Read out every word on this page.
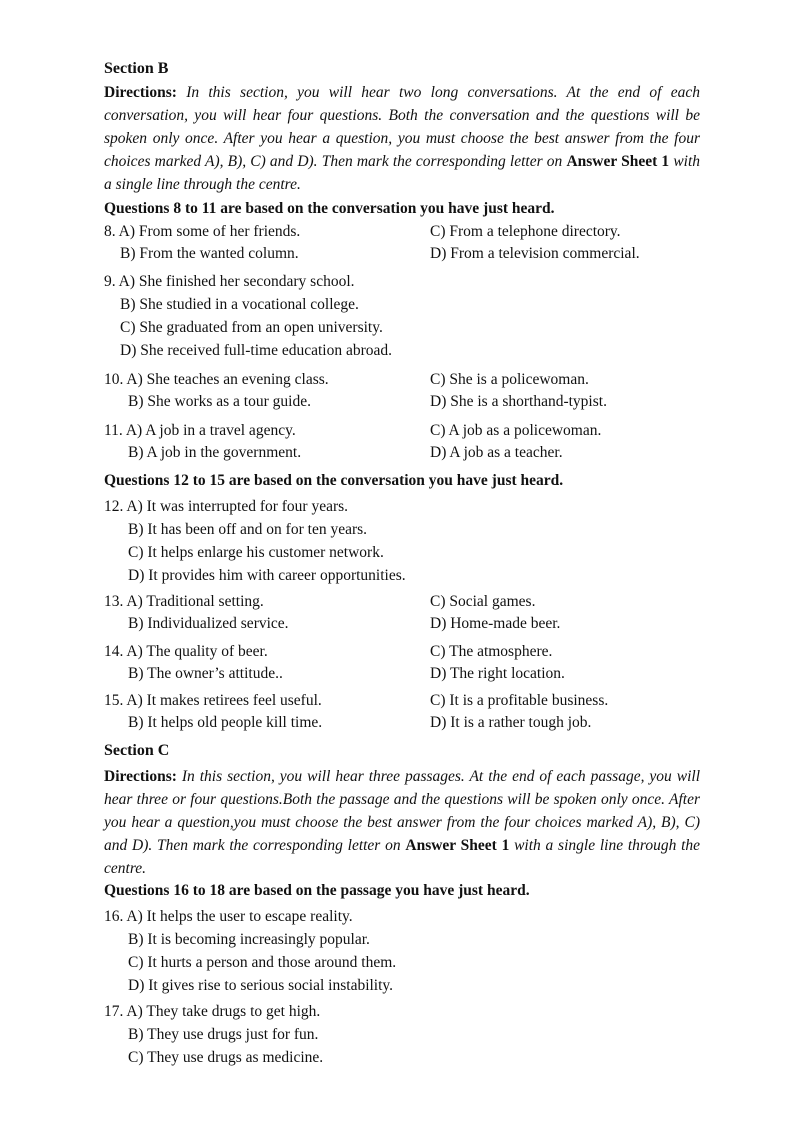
Section B
Directions: In this section, you will hear two long conversations. At the end of each conversation, you will hear four questions. Both the conversation and the questions will be spoken only once. After you hear a question, you must choose the best answer from the four choices marked A), B), C) and D). Then mark the corresponding letter on Answer Sheet 1 with a single line through the centre.
Questions 8 to 11 are based on the conversation you have just heard.
8. A) From some of her friends.	C) From a telephone directory.
B) From the wanted column.	D) From a television commercial.
9. A) She finished her secondary school.
B) She studied in a vocational college.
C) She graduated from an open university.
D) She received full-time education abroad.
10. A) She teaches an evening class.	C) She is a policewoman.
B) She works as a tour guide.	D) She is a shorthand-typist.
11. A) A job in a travel agency.	C) A job as a policewoman.
B) A job in the government.	D) A job as a teacher.
Questions 12 to 15 are based on the conversation you have just heard.
12. A) It was interrupted for four years.
B) It has been off and on for ten years.
C) It helps enlarge his customer network.
D) It provides him with career opportunities.
13. A) Traditional setting.	C) Social games.
B) Individualized service.	D) Home-made beer.
14. A) The quality of beer.	C) The atmosphere.
B) The owner’s attitude..	D) The right location.
15. A) It makes retirees feel useful.	C) It is a profitable business.
B) It helps old people kill time.	D) It is a rather tough job.
Section C
Directions: In this section, you will hear three passages. At the end of each passage, you will hear three or four questions.Both the passage and the questions will be spoken only once. After you hear a question,you must choose the best answer from the four choices marked A), B), C) and D). Then mark the corresponding letter on Answer Sheet 1 with a single line through the centre.
Questions 16 to 18 are based on the passage you have just heard.
16. A) It helps the user to escape reality.
B) It is becoming increasingly popular.
C) It hurts a person and those around them.
D) It gives rise to serious social instability.
17. A) They take drugs to get high.
B) They use drugs just for fun.
C) They use drugs as medicine.
